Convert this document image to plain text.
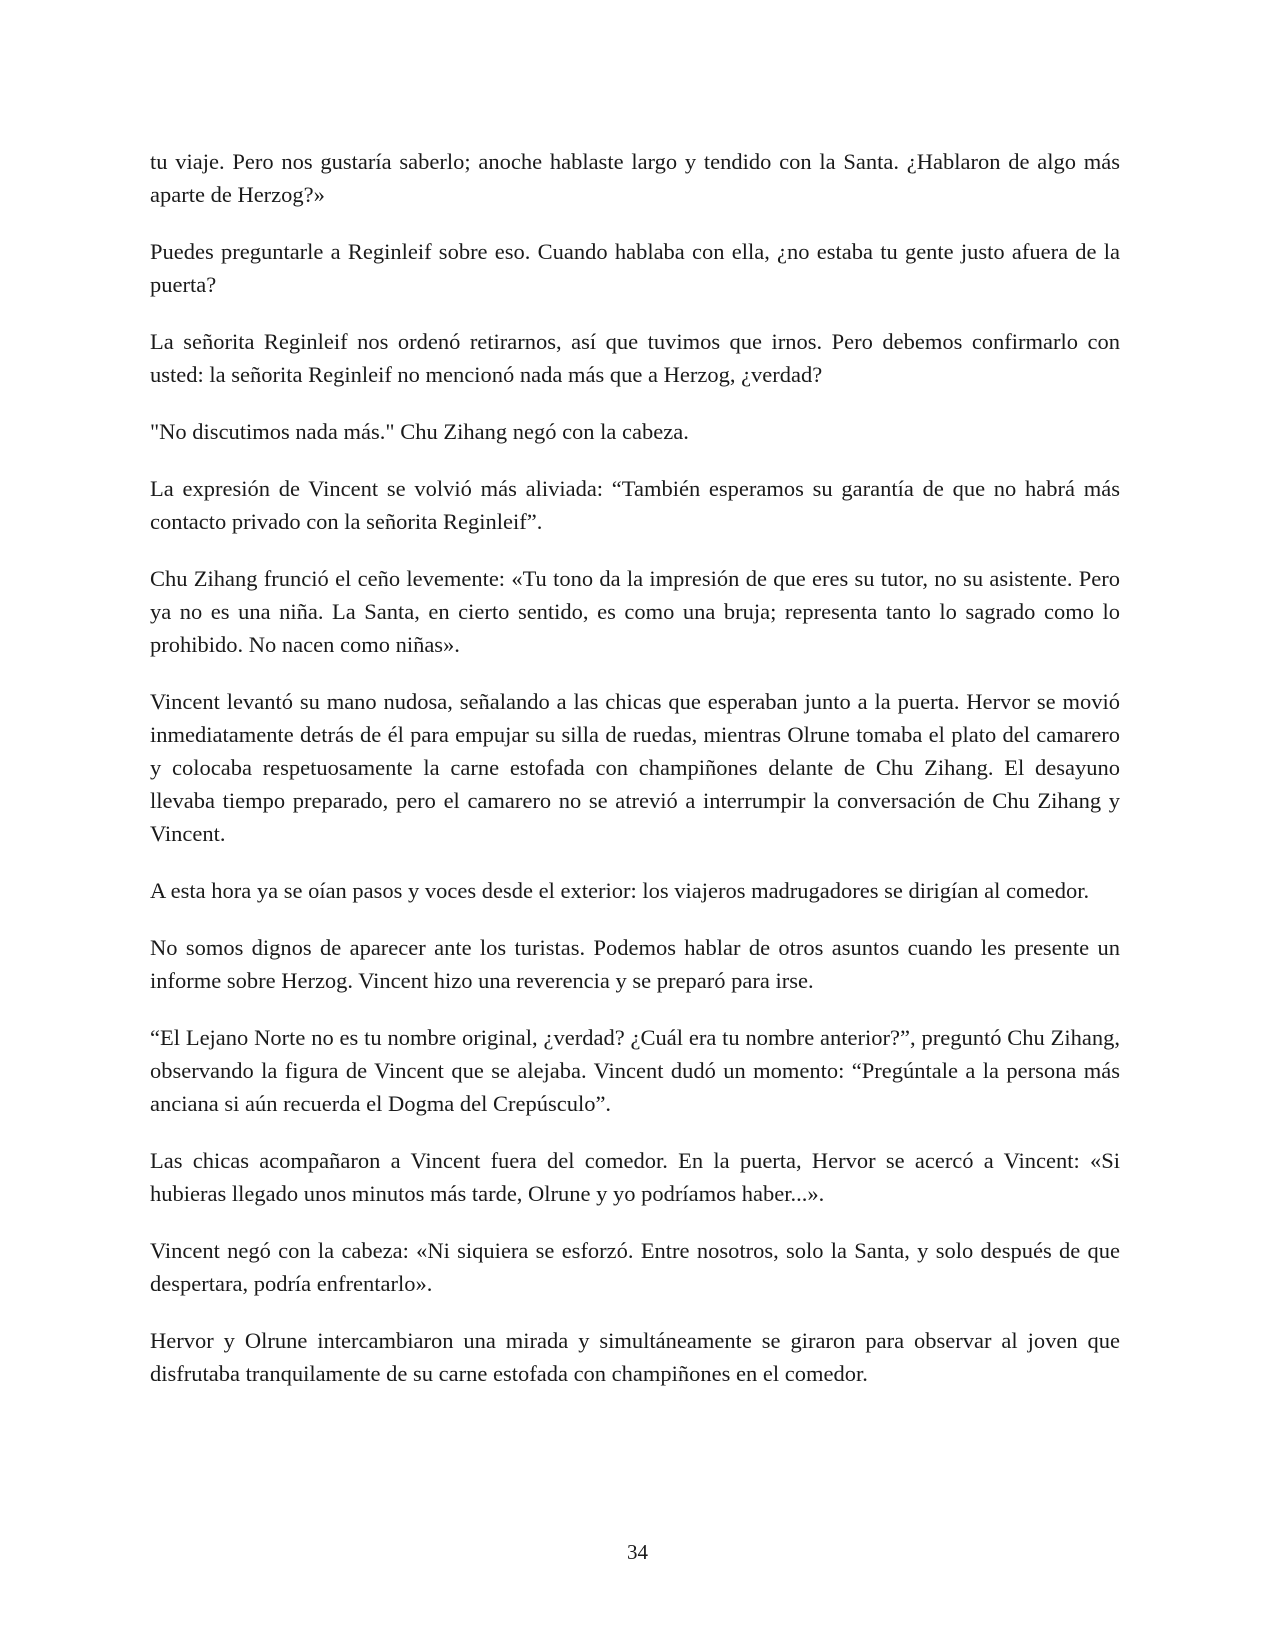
tu viaje. Pero nos gustaría saberlo; anoche hablaste largo y tendido con la Santa. ¿Hablaron de algo más aparte de Herzog?»

Puedes preguntarle a Reginleif sobre eso. Cuando hablaba con ella, ¿no estaba tu gente justo afuera de la puerta?

La señorita Reginleif nos ordenó retirarnos, así que tuvimos que irnos. Pero debemos confirmarlo con usted: la señorita Reginleif no mencionó nada más que a Herzog, ¿verdad?

"No discutimos nada más." Chu Zihang negó con la cabeza.

La expresión de Vincent se volvió más aliviada: “También esperamos su garantía de que no habrá más contacto privado con la señorita Reginleif”.

Chu Zihang frunció el ceño levemente: «Tu tono da la impresión de que eres su tutor, no su asistente. Pero ya no es una niña. La Santa, en cierto sentido, es como una bruja; representa tanto lo sagrado como lo prohibido. No nacen como niñas».

Vincent levantó su mano nudosa, señalando a las chicas que esperaban junto a la puerta. Hervor se movió inmediatamente detrás de él para empujar su silla de ruedas, mientras Olrune tomaba el plato del camarero y colocaba respetuosamente la carne estofada con champiñones delante de Chu Zihang. El desayuno llevaba tiempo preparado, pero el camarero no se atrevió a interrumpir la conversación de Chu Zihang y Vincent.

A esta hora ya se oían pasos y voces desde el exterior: los viajeros madrugadores se dirigían al comedor.

No somos dignos de aparecer ante los turistas. Podemos hablar de otros asuntos cuando les presente un informe sobre Herzog. Vincent hizo una reverencia y se preparó para irse.

“El Lejano Norte no es tu nombre original, ¿verdad? ¿Cuál era tu nombre anterior?”, preguntó Chu Zihang, observando la figura de Vincent que se alejaba. Vincent dudó un momento: “Pregúntale a la persona más anciana si aún recuerda el Dogma del Crepúsculo”.

Las chicas acompañaron a Vincent fuera del comedor. En la puerta, Hervor se acercó a Vincent: «Si hubieras llegado unos minutos más tarde, Olrune y yo podríamos haber...».

Vincent negó con la cabeza: «Ni siquiera se esforzó. Entre nosotros, solo la Santa, y solo después de que despertara, podría enfrentarlo».

Hervor y Olrune intercambiaron una mirada y simultáneamente se giraron para observar al joven que disfrutaba tranquilamente de su carne estofada con champiñones en el comedor.

34
